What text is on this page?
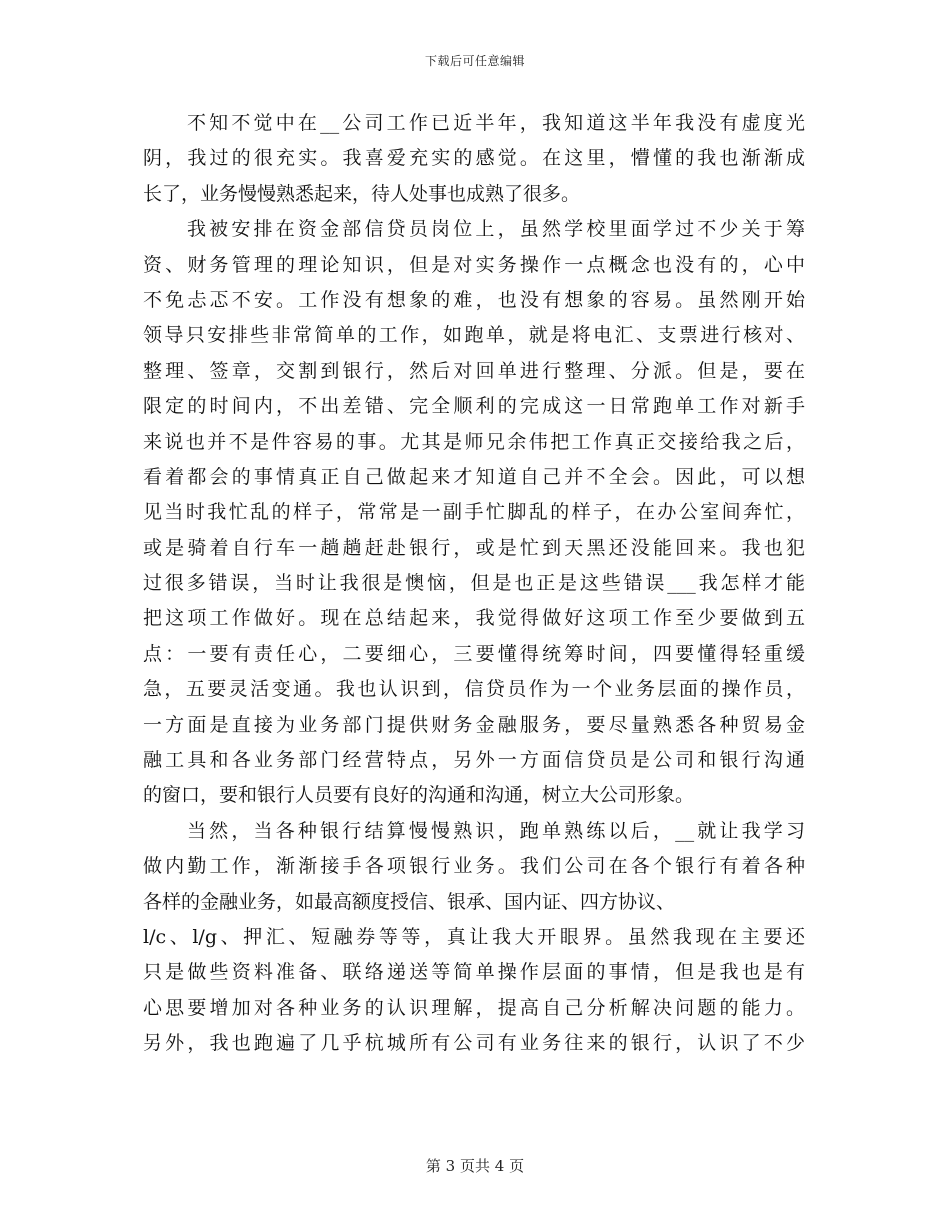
下载后可任意编辑
不知不觉中在__公司工作已近半年，我知道这半年我没有虚度光
阴，我过的很充实。我喜爱充实的感觉。在这里，懵懂的我也渐渐成
长了，业务慢慢熟悉起来，待人处事也成熟了很多。
我被安排在资金部信贷员岗位上，虽然学校里面学过不少关于筹
资、财务管理的理论知识，但是对实务操作一点概念也没有的，心中
不免忐忑不安。工作没有想象的难，也没有想象的容易。虽然刚开始
领导只安排些非常简单的工作，如跑单，就是将电汇、支票进行核对、
整理、签章，交割到银行，然后对回单进行整理、分派。但是，要在
限定的时间内，不出差错、完全顺利的完成这一日常跑单工作对新手
来说也并不是件容易的事。尤其是师兄余伟把工作真正交接给我之后，
看着都会的事情真正自己做起来才知道自己并不全会。因此，可以想
见当时我忙乱的样子，常常是一副手忙脚乱的样子，在办公室间奔忙，
或是骑着自行车一趟趟赶赴银行，或是忙到天黑还没能回来。我也犯
过很多错误，当时让我很是懊恼，但是也正是这些错误___我怎样才能
把这项工作做好。现在总结起来，我觉得做好这项工作至少要做到五
点：一要有责任心，二要细心，三要懂得统筹时间，四要懂得轻重缓
急，五要灵活变通。我也认识到，信贷员作为一个业务层面的操作员，
一方面是直接为业务部门提供财务金融服务，要尽量熟悉各种贸易金
融工具和各业务部门经营特点，另外一方面信贷员是公司和银行沟通
的窗口，要和银行人员要有良好的沟通和沟通，树立大公司形象。
当然，当各种银行结算慢慢熟识，跑单熟练以后，__就让我学习
做内勤工作，渐渐接手各项银行业务。我们公司在各个银行有着各种
各样的金融业务，如最高额度授信、银承、国内证、四方协议、
l/c、l/g、押汇、短融券等等，真让我大开眼界。虽然我现在主要还
只是做些资料准备、联络递送等简单操作层面的事情，但是我也是有
心思要增加对各种业务的认识理解，提高自己分析解决问题的能力。
另外，我也跑遍了几乎杭城所有公司有业务往来的银行，认识了不少
第 3 页共 4 页
